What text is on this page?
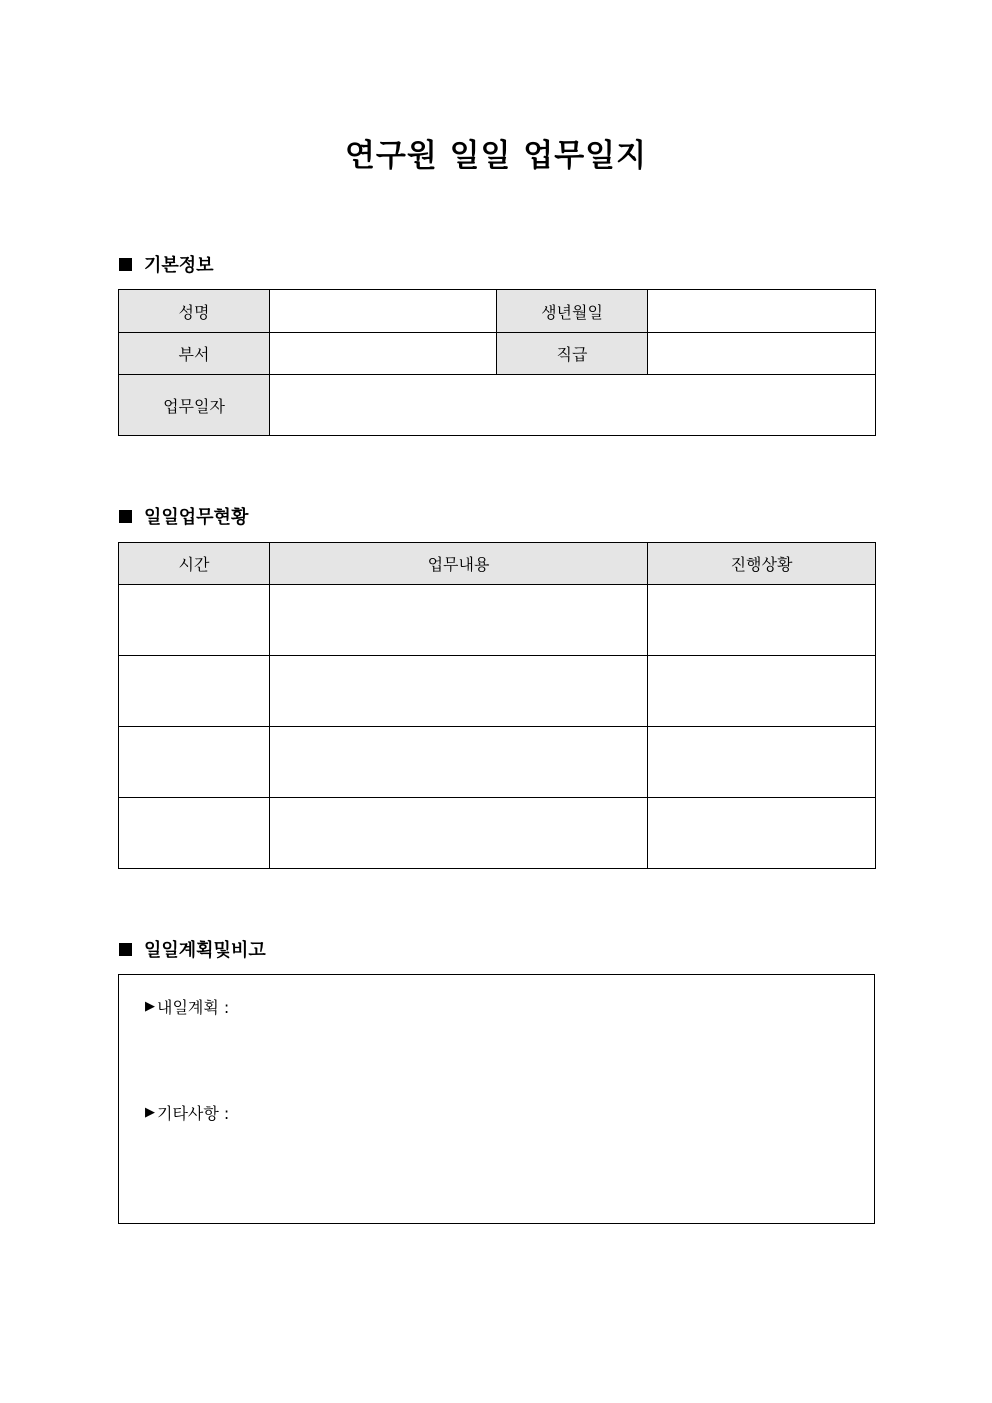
연구원 일일 업무일지
기본정보
성명		생년월일	
부서		직급	
업무일자			
일일업무현황
시간	업무내용	진행상황

일일계획및비고
▶ 내일계획 :
▶ 기타사항 :
